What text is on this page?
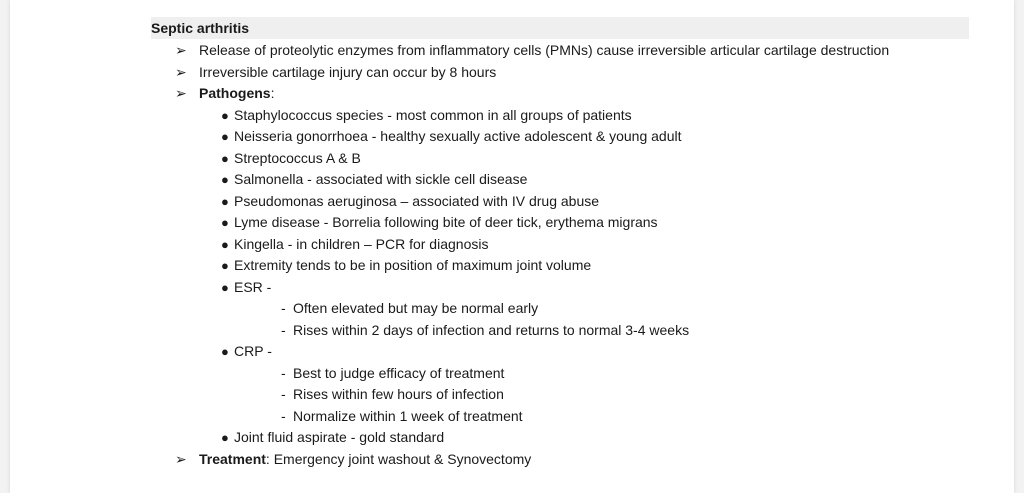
Septic arthritis
➢ Release of proteolytic enzymes from inflammatory cells (PMNs) cause irreversible articular cartilage destruction
➢ Irreversible cartilage injury can occur by 8 hours
➢ Pathogens:
● Staphylococcus species - most common in all groups of patients
● Neisseria gonorrhoea - healthy sexually active adolescent & young adult
● Streptococcus A & B
● Salmonella - associated with sickle cell disease
● Pseudomonas aeruginosa – associated with IV drug abuse
● Lyme disease - Borrelia following bite of deer tick, erythema migrans
● Kingella - in children – PCR for diagnosis
● Extremity tends to be in position of maximum joint volume
● ESR -
- Often elevated but may be normal early
- Rises within 2 days of infection and returns to normal 3-4 weeks
● CRP -
- Best to judge efficacy of treatment
- Rises within few hours of infection
- Normalize within 1 week of treatment
● Joint fluid aspirate - gold standard
➢ Treatment: Emergency joint washout & Synovectomy
